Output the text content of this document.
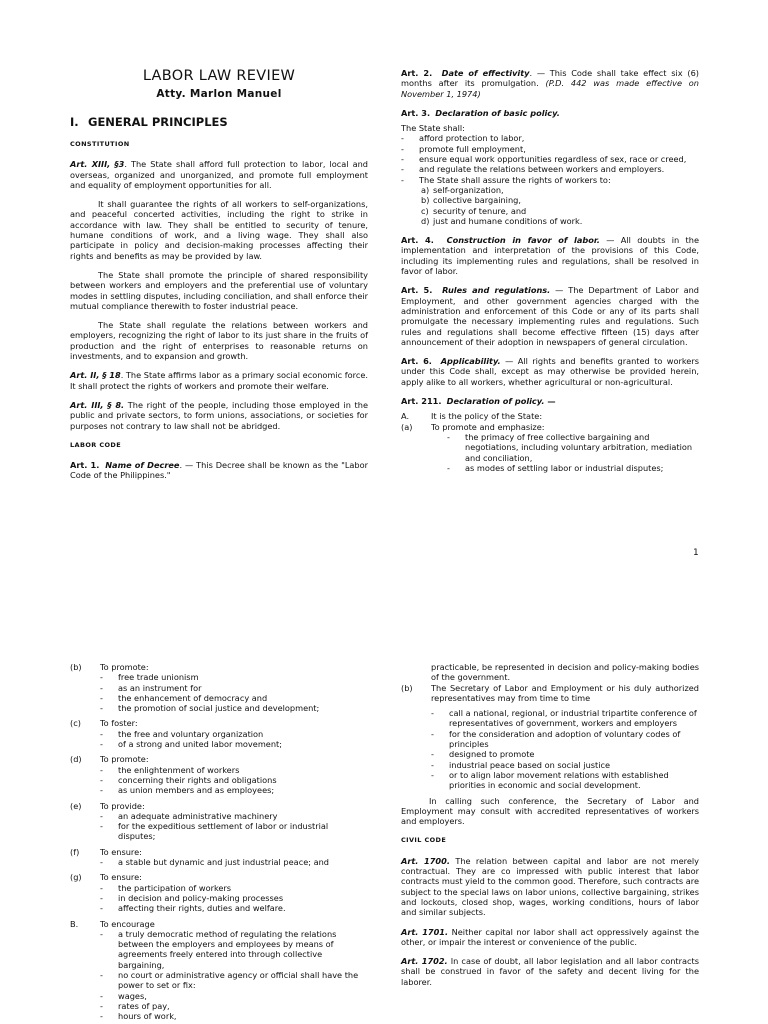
LABOR LAW REVIEW
Atty. Marlon Manuel
I. GENERAL PRINCIPLES
CONSTITUTION

Art. XIII, §3. The State shall afford full protection to labor, local and overseas, organized and unorganized, and promote full employment and equality of employment opportunities for all.

It shall guarantee the rights of all workers to self-organizations, and peaceful concerted activities, including the right to strike in accordance with law. They shall be entitled to security of tenure, humane conditions of work, and a living wage. They shall also participate in policy and decision-making processes affecting their rights and benefits as may be provided by law.

The State shall promote the principle of shared responsibility between workers and employers and the preferential use of voluntary modes in settling disputes, including conciliation, and shall enforce their mutual compliance therewith to foster industrial peace.

The State shall regulate the relations between workers and employers, recognizing the right of labor to its just share in the fruits of production and the right of enterprises to reasonable returns on investments, and to expansion and growth.

Art. II, § 18. The State affirms labor as a primary social economic force. It shall protect the rights of workers and promote their welfare.

Art. III, § 8. The right of the people, including those employed in the public and private sectors, to form unions, associations, or societies for purposes not contrary to law shall not be abridged.

LABOR CODE

Art. 1. Name of Decree. — This Decree shall be known as the "Labor Code of the Philippines."

Art. 2. Date of effectivity. — This Code shall take effect six (6) months after its promulgation. (P.D. 442 was made effective on November 1, 1974)

Art. 3. Declaration of basic policy.

The State shall:

-	afford protection to labor,
-	promote full employment,
-	ensure equal work opportunities regardless of sex, race or creed,
-	and regulate the relations between workers and employers.
-	The State shall assure the rights of workers to:
a) self-organization,
b) collective bargaining,
c) security of tenure, and
d) just and humane conditions of work.

Art. 4. Construction in favor of labor. — All doubts in the implementation and interpretation of the provisions of this Code, including its implementing rules and regulations, shall be resolved in favor of labor.

Art. 5. Rules and regulations. — The Department of Labor and Employment, and other government agencies charged with the administration and enforcement of this Code or any of its parts shall promulgate the necessary implementing rules and regulations. Such rules and regulations shall become effective fifteen (15) days after announcement of their adoption in newspapers of general circulation.

Art. 6. Applicability. — All rights and benefits granted to workers under this Code shall, except as may otherwise be provided herein, apply alike to all workers, whether agricultural or non-agricultural.

Art. 211. Declaration of policy. —

A.	It is the policy of the State:
(a)	To promote and emphasize:
-	the primacy of free collective bargaining and negotiations, including voluntary arbitration, mediation and conciliation,
-	as modes of settling labor or industrial disputes;
1
(b)	To promote:
-	free trade unionism
-	as an instrument for
-	the enhancement of democracy and
-	the promotion of social justice and development;
(c)	To foster:
-	the free and voluntary organization
-	of a strong and united labor movement;
(d)	To promote:
-	the enlightenment of workers
-	concerning their rights and obligations
-	as union members and as employees;
(e)	To provide:
-	an adequate administrative machinery
-	for the expeditious settlement of labor or industrial disputes;
(f)	To ensure:
-	a stable but dynamic and just industrial peace; and
(g)	To ensure:
-	the participation of workers
-	in decision and policy-making processes
-	affecting their rights, duties and welfare.
B.	To encourage
-	a truly democratic method of regulating the relations between the employers and employees by means of agreements freely entered into through collective bargaining,
-	no court or administrative agency or official shall have the power to set or fix:
-	wages,
-	rates of pay,
-	hours of work,

practicable, be represented in decision and policy-making bodies of the government.

(b)	The Secretary of Labor and Employment or his duly authorized representatives may from time to time
-	call a national, regional, or industrial tripartite conference of representatives of government, workers and employers
-	for the consideration and adoption of voluntary codes of principles
-	designed to promote
-	industrial peace based on social justice
-	or to align labor movement relations with established priorities in economic and social development.

In calling such conference, the Secretary of Labor and Employment may consult with accredited representatives of workers and employers.

CIVIL CODE

Art. 1700. The relation between capital and labor are not merely contractual. They are co impressed with public interest that labor contracts must yield to the common good. Therefore, such contracts are subject to the special laws on labor unions, collective bargaining, strikes and lockouts, closed shop, wages, working conditions, hours of labor and similar subjects.

Art. 1701. Neither capital nor labor shall act oppressively against the other, or impair the interest or convenience of the public.

Art. 1702. In case of doubt, all labor legislation and all labor contracts shall be construed in favor of the safety and decent living for the laborer.
